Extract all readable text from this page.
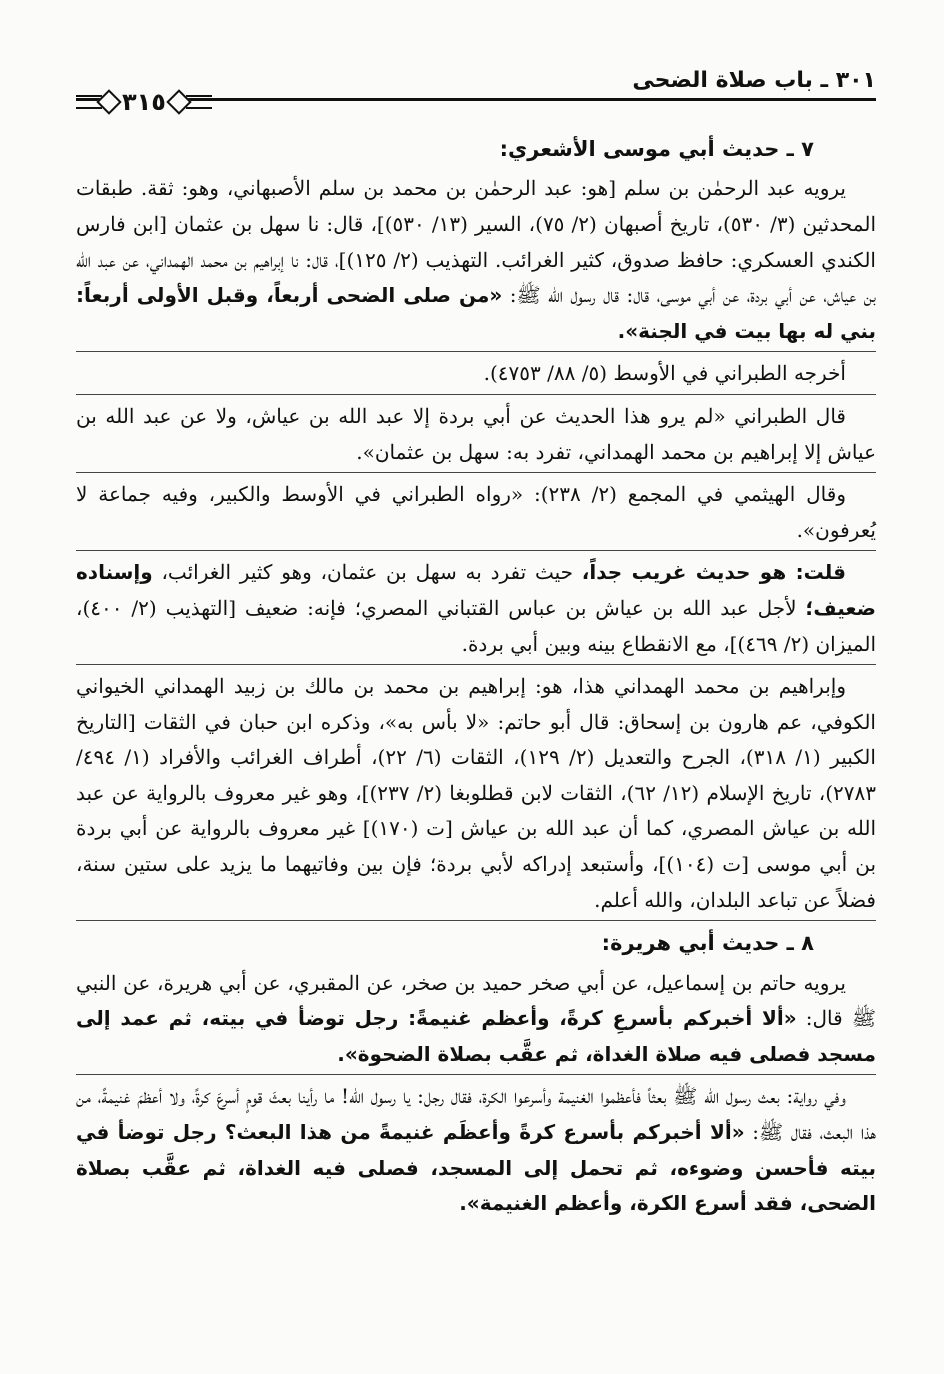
٣٠١ ـ باب صلاة الضحى
٣١٥

٧ ـ حديث أبي موسى الأشعري:

يرويه عبد الرحمٰن بن سلم [هو: عبد الرحمٰن بن محمد بن سلم الأصبهاني، وهو: ثقة. طبقات المحدثين (٣/ ٥٣٠)، تاريخ أصبهان (٢/ ٧٥)، السير (١٣/ ٥٣٠)]، قال: نا سهل بن عثمان [ابن فارس الكندي العسكري: حافظ صدوق، كثير الغرائب. التهذيب (٢/ ١٢٥)]، قال: نا إبراهيم بن محمد الهمداني، عن عبد الله بن عياش، عن أبي بردة، عن أبي موسى، قال: قال رسول الله ﷺ: «من صلى الضحى أربعاً، وقبل الأولى أربعاً: بني له بها بيت في الجنة».

أخرجه الطبراني في الأوسط (٥/ ٨٨/ ٤٧٥٣).

قال الطبراني «لم يرو هذا الحديث عن أبي بردة إلا عبد الله بن عياش، ولا عن عبد الله بن عياش إلا إبراهيم بن محمد الهمداني، تفرد به: سهل بن عثمان».

وقال الهيثمي في المجمع (٢/ ٢٣٨): «رواه الطبراني في الأوسط والكبير، وفيه جماعة لا يُعرفون».

قلت: هو حديث غريب جداً، حيث تفرد به سهل بن عثمان، وهو كثير الغرائب، وإسناده ضعيف؛ لأجل عبد الله بن عياش بن عباس القتباني المصري؛ فإنه: ضعيف [التهذيب (٢/ ٤٠٠)، الميزان (٢/ ٤٦٩)]، مع الانقطاع بينه وبين أبي بردة.

وإبراهيم بن محمد الهمداني هذا، هو: إبراهيم بن محمد بن مالك بن زبيد الهمداني الخيواني الكوفي، عم هارون بن إسحاق: قال أبو حاتم: «لا بأس به»، وذكره ابن حبان في الثقات [التاريخ الكبير (١/ ٣١٨)، الجرح والتعديل (٢/ ١٢٩)، الثقات (٦/ ٢٢)، أطراف الغرائب والأفراد (١/ ٤٩٤/ ٢٧٨٣)، تاريخ الإسلام (١٢/ ٦٢)، الثقات لابن قطلوبغا (٢/ ٢٣٧)]، وهو غير معروف بالرواية عن عبد الله بن عياش المصري، كما أن عبد الله بن عياش [ت (١٧٠)] غير معروف بالرواية عن أبي بردة بن أبي موسى [ت (١٠٤)]، وأستبعد إدراكه لأبي بردة؛ فإن بين وفاتيهما ما يزيد على ستين سنة، فضلاً عن تباعد البلدان، والله أعلم.

٨ ـ حديث أبي هريرة:

يرويه حاتم بن إسماعيل، عن أبي صخر حميد بن صخر، عن المقبري، عن أبي هريرة، عن النبي ﷺ قال: «ألا أخبركم بأسرعِ كرةً، وأعظم غنيمةً: رجل توضأ في بيته، ثم عمد إلى مسجد فصلى فيه صلاة الغداة، ثم عقَّب بصلاة الضحوة».

وفي رواية: بعث رسول الله ﷺ بعثاً فأعظموا الغنيمة وأسرعوا الكرة، فقال رجل: يا رسول الله! ما رأينا بعثَ قومٍ أسرعَ كرةً، ولا أعظمَ غنيمةً، من هذا البعث، فقال ﷺ: «ألا أخبركم بأسرع كرةً وأعظَم غنيمةً من هذا البعث؟ رجل توضأ في بيته فأحسن وضوءه، ثم تحمل إلى المسجد، فصلى فيه الغداة، ثم عقَّب بصلاة الضحى، فقد أسرع الكرة، وأعظم الغنيمة».
